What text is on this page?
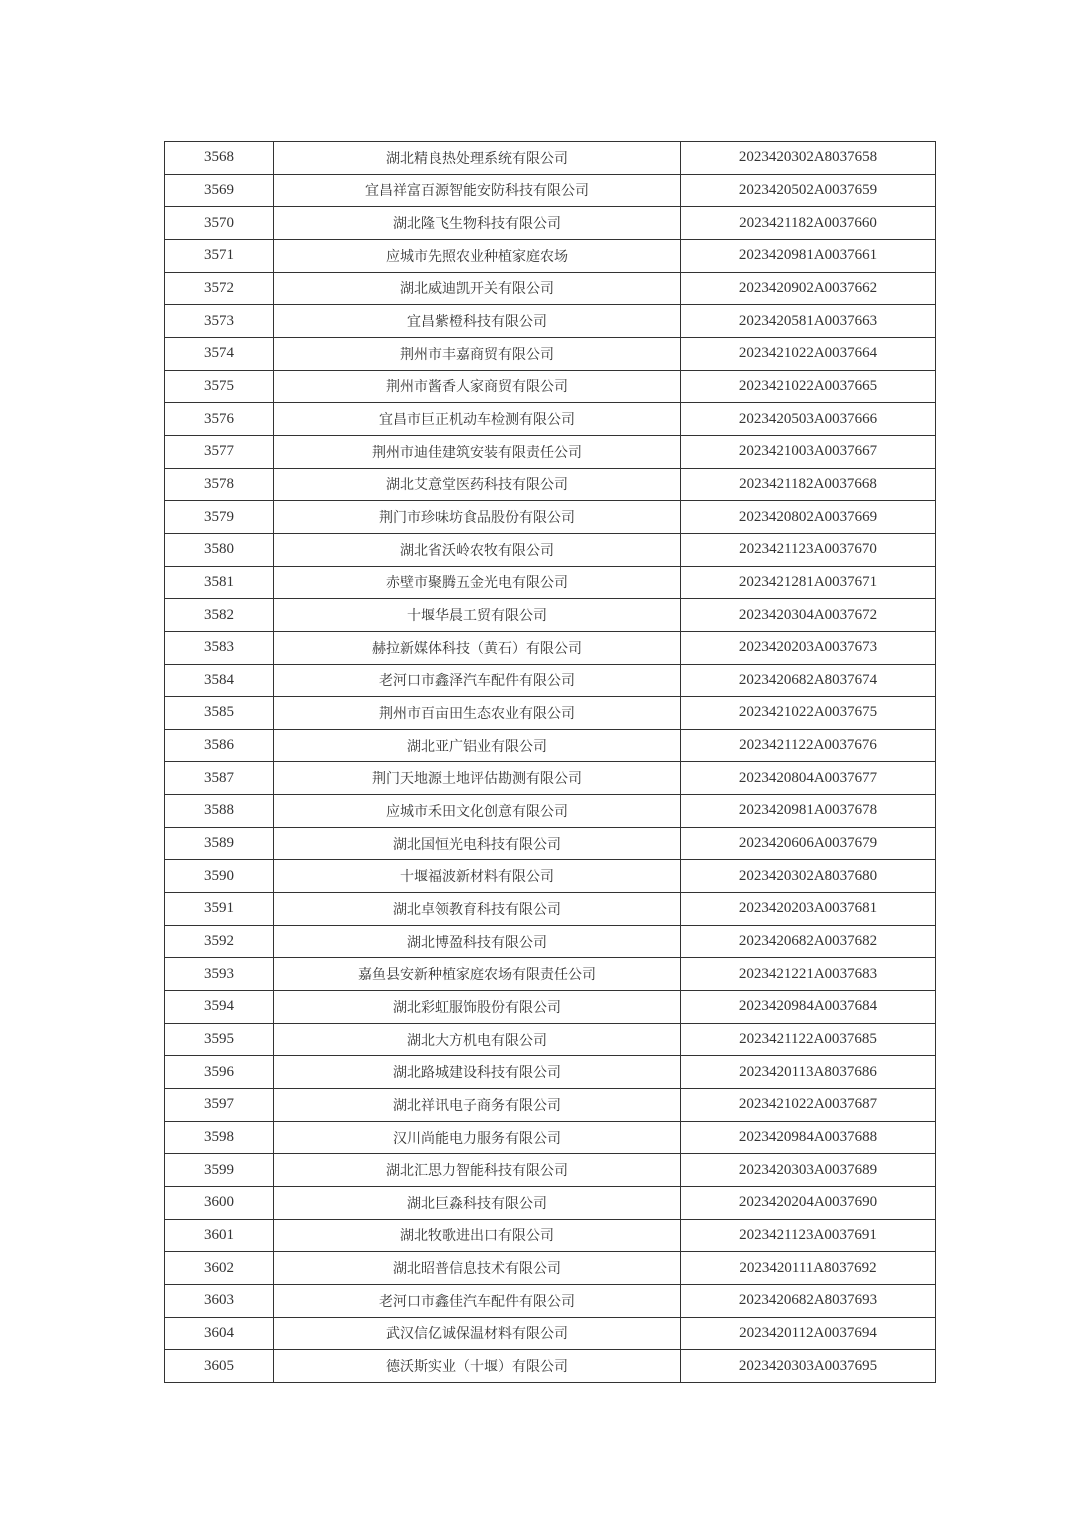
3568	湖北精良热处理系统有限公司	2023420302A8037658
3569	宜昌祥富百源智能安防科技有限公司	2023420502A0037659
3570	湖北隆飞生物科技有限公司	2023421182A0037660
3571	应城市先照农业种植家庭农场	2023420981A0037661
3572	湖北威迪凯开关有限公司	2023420902A0037662
3573	宜昌紫橙科技有限公司	2023420581A0037663
3574	荆州市丰嘉商贸有限公司	2023421022A0037664
3575	荆州市酱香人家商贸有限公司	2023421022A0037665
3576	宜昌市巨正机动车检测有限公司	2023420503A0037666
3577	荆州市迪佳建筑安装有限责任公司	2023421003A0037667
3578	湖北艾意堂医药科技有限公司	2023421182A0037668
3579	荆门市珍味坊食品股份有限公司	2023420802A0037669
3580	湖北省沃岭农牧有限公司	2023421123A0037670
3581	赤壁市聚腾五金光电有限公司	2023421281A0037671
3582	十堰华晨工贸有限公司	2023420304A0037672
3583	赫拉新媒体科技（黄石）有限公司	2023420203A0037673
3584	老河口市鑫泽汽车配件有限公司	2023420682A8037674
3585	荆州市百亩田生态农业有限公司	2023421022A0037675
3586	湖北亚广铝业有限公司	2023421122A0037676
3587	荆门天地源土地评估勘测有限公司	2023420804A0037677
3588	应城市禾田文化创意有限公司	2023420981A0037678
3589	湖北国恒光电科技有限公司	2023420606A0037679
3590	十堰福波新材料有限公司	2023420302A8037680
3591	湖北卓领教育科技有限公司	2023420203A0037681
3592	湖北博盈科技有限公司	2023420682A0037682
3593	嘉鱼县安新种植家庭农场有限责任公司	2023421221A0037683
3594	湖北彩虹服饰股份有限公司	2023420984A0037684
3595	湖北大方机电有限公司	2023421122A0037685
3596	湖北路城建设科技有限公司	2023420113A8037686
3597	湖北祥讯电子商务有限公司	2023421022A0037687
3598	汉川尚能电力服务有限公司	2023420984A0037688
3599	湖北汇思力智能科技有限公司	2023420303A0037689
3600	湖北巨淼科技有限公司	2023420204A0037690
3601	湖北牧歌进出口有限公司	2023421123A0037691
3602	湖北昭普信息技术有限公司	2023420111A8037692
3603	老河口市鑫佳汽车配件有限公司	2023420682A8037693
3604	武汉信亿诚保温材料有限公司	2023420112A0037694
3605	德沃斯实业（十堰）有限公司	2023420303A0037695
